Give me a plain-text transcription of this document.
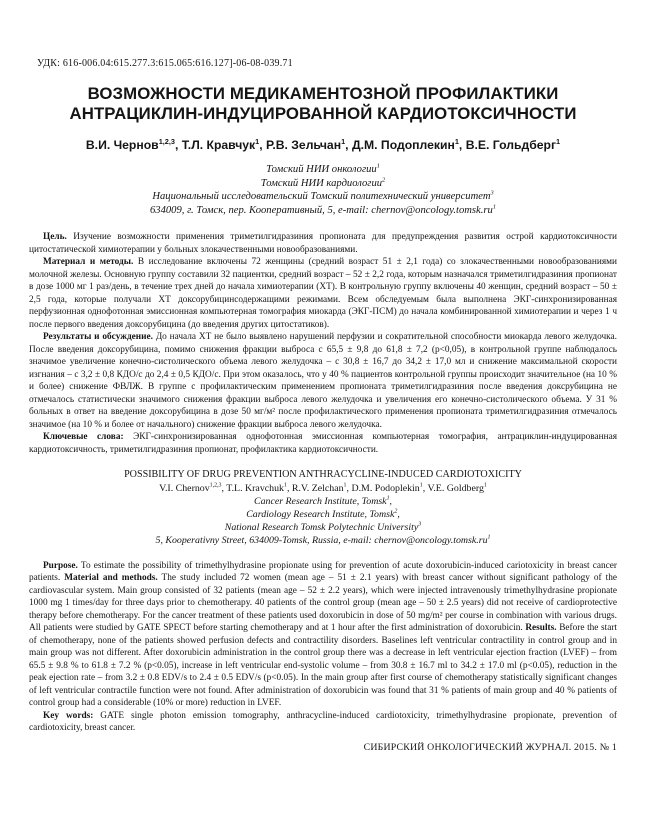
УДК: 616-006.04:615.277.3:615.065:616.127]-06-08-039.71
ВОЗМОЖНОСТИ МЕДИКАМЕНТОЗНОЙ ПРОФИЛАКТИКИ
АНТРАЦИКЛИН-ИНДУЦИРОВАННОЙ КАРДИОТОКСИЧНОСТИ

В.И. Чернов$^{1,2,3}$, Т.Л. Кравчук$^1$, Р.В. Зельчан$^1$, Д.М. Подоплекин$^1$, В.Е. Гольдберг$^1$

Томский НИИ онкологии$^1$
Томский НИИ кардиологии$^2$
Национальный исследовательский Томский политехнический университет$^3$
634009, г. Томск, пер. Кооперативный, 5, e-mail: $chernov@oncology.tomsk.ru^1$

Цель. Изучение возможности применения триметилгидразиния пропионата для предупреждения развития острой кардиотоксичности цитостатической химиотерапии у больных злокачественными новообразованиями.

Материал и методы. В исследование включены 72 женщины (средний возраст 51 ± 2,1 года) со злокачественными новообразованиями молочной железы. Основную группу составили 32 пациентки, средний возраст – 52 ± 2,2 года, которым назначался триметилгидразиния пропионат в дозе 1000 мг 1 раз/день, в течение трех дней до начала химиотерапии (ХТ). В контрольную группу включены 40 женщин, средний возраст – 50 ± 2,5 года, которые получали ХТ доксорубицинсодержащими режимами. Всем обследуемым была выполнена ЭКГ-синхронизированная перфузионная однофотонная эмиссионная компьютерная томография миокарда (ЭКГ-ПСМ) до начала комбинированной химиотерапии и через 1 ч после первого введения доксорубицина (до введения других цитостатиков).

Результаты и обсуждение. До начала ХТ не было выявлено нарушений перфузии и сократительной способности миокарда левого желудочка. После введения доксорубицина, помимо снижения фракции выброса с 65,5 ± 9,8 до 61,8 ± 7,2 (p<0,05), в контрольной группе наблюдалось значимое увеличение конечно-систолического объема левого желудочка – с 30,8 ± 16,7 до 34,2 ± 17,0 мл и снижение максимальной скорости изгнания – с 3,2 ± 0,8 КДО/с до 2,4 ± 0,5 КДО/с. При этом оказалось, что у 40 % пациентов контрольной группы происходит значительное (на 10 % и более) снижение ФВЛЖ. В группе с профилактическим применением пропионата триметилгидразиния после введения доксрубицина не отмечалось статистически значимого снижения фракции выброса левого желудочка и увеличения его конечно-систолического объема. У 31 % больных в ответ на введение доксорубицина в дозе 50 мг/м² после профилактического применения пропионата триметилгидразиния отмечалось значимое (на 10 % и более от начального) снижение фракции выброса левого желудочка.

Ключевые слова: ЭКГ-синхронизированная однофотонная эмиссионная компьютерная томография, антрациклин-индуцированная кардиотоксичность, триметилгидразиния пропионат, профилактика кардиотоксичности.

POSSIBILITY OF DRUG PREVENTION ANTHRACYCLINE-INDUCED CARDIOTOXICITY
V.I. Chernov$^{1,2,3}$, T.L. Kravchuk$^1$, R.V. Zelchan$^1$, D.M. Podoplekin$^1$, V.E. Goldberg$^1$
Cancer Research Institute, Tomsk$^1$,
Cardiology Research Institute, Tomsk$^2$,
National Research Tomsk Polytechnic University$^3$
5, Kooperativny Street, 634009-Tomsk, Russia, e-mail: $chernov@oncology.tomsk.ru^1$

Purpose. To estimate the possibility of trimethylhydrasine propionate using for prevention of acute doxorubicin-induced cariotoxicity in breast cancer patients. Material and methods. The study included 72 women (mean age – 51 ± 2.1 years) with breast cancer without significant pathology of the cardiovascular system. Main group consisted of 32 patients (mean age – 52 ± 2.2 years), which were injected intravenously trimethylhydrasine propionate 1000 mg 1 times/day for three days prior to chemotherapy. 40 patients of the control group (mean age – 50 ± 2.5 years) did not receive of cardioprotective therapy before chemotherapy. For the cancer treatment of these patients used doxorubicin in dose of 50 mg/m² per course in combination with various drugs. All patients were studied by GATE SPECT before starting chemotherapy and at 1 hour after the first administration of doxorubicin. Results. Before the start of chemotherapy, none of the patients showed perfusion defects and contractility disorders. Baselines left ventricular contractility in control group and in main group was not different. After doxorubicin administration in the control group there was a decrease in left ventricular ejection fraction (LVEF) – from 65.5 ± 9.8 % to 61.8 ± 7.2 % (p<0.05), increase in left ventricular end-systolic volume – from 30.8 ± 16.7 ml to 34.2 ± 17.0 ml (p<0.05), reduction in the peak ejection rate – from 3.2 ± 0.8 EDV/s to 2.4 ± 0.5 EDV/s (p<0.05). In the main group after first course of chemotherapy statistically significant changes of left ventricular contractile function were not found. After administration of doxorubicin was found that 31 % patients of main group and 40 % patients of control group had a considerable (10% or more) reduction in LVEF.

Key words: GATE single photon emission tomography, anthracycline-induced cardiotoxicity, trimethylhydrasine propionate, prevention of cardiotoxicity, breast cancer.

СИБИРСКИЙ ОНКОЛОГИЧЕСКИЙ ЖУРНАЛ. 2015. № 1
